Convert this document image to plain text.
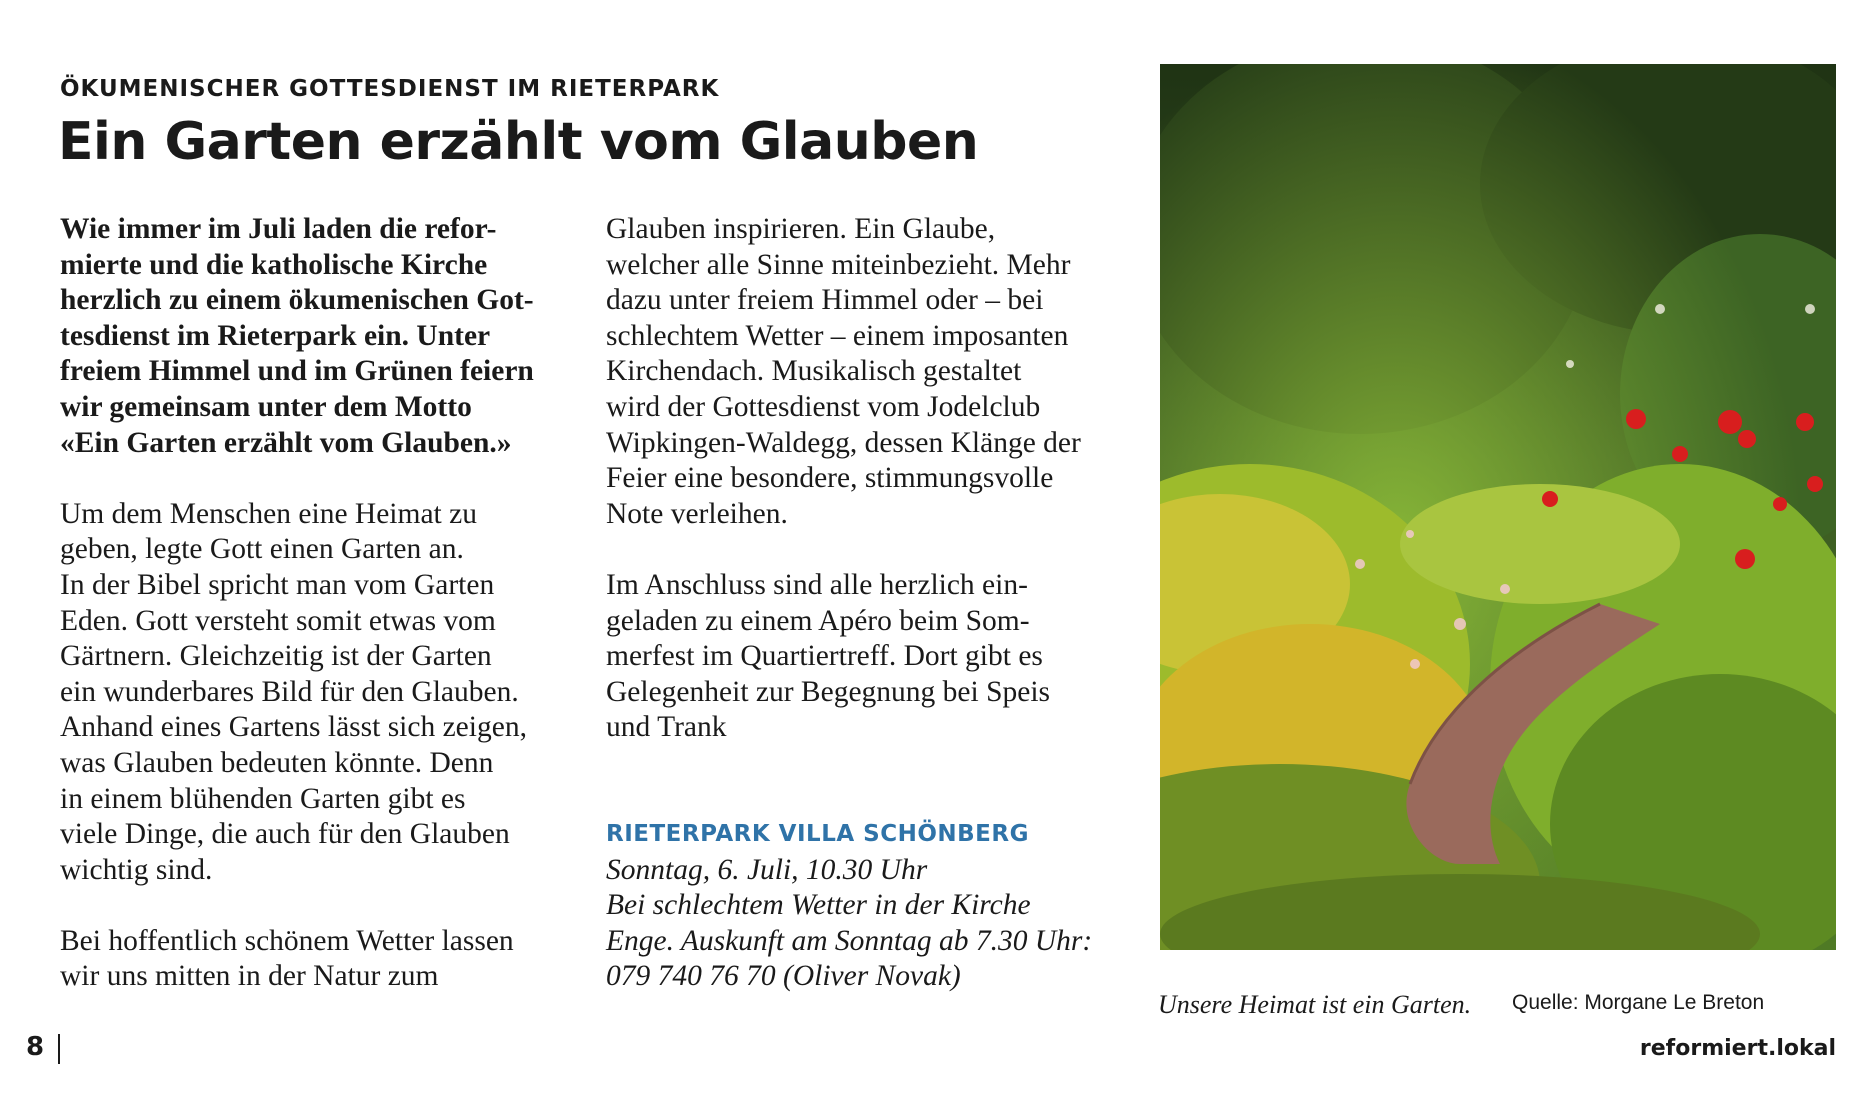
ÖKUMENISCHER GOTTESDIENST IM RIETERPARK

Ein Garten erzählt vom Glauben

Wie immer im Juli laden die refor-

mierte und die katholische Kirche

herzlich zu einem ökumenischen Got-

tesdienst im Rieterpark ein. Unter

freiem Himmel und im Grünen feiern

wir gemeinsam unter dem Motto

«Ein Garten erzählt vom Glauben.»

Um dem Menschen eine Heimat zu

geben, legte Gott einen Garten an.

In der Bibel spricht man vom Garten

Eden. Gott versteht somit etwas vom

Gärtnern. Gleichzeitig ist der Garten

ein wunderbares Bild für den Glauben.

Anhand eines Gartens lässt sich zeigen,

was Glauben bedeuten könnte. Denn

in einem blühenden Garten gibt es

viele Dinge, die auch für den Glauben

wichtig sind.

Bei hoffentlich schönem Wetter lassen

wir uns mitten in der Natur zum

Glauben inspirieren. Ein Glaube,

welcher alle Sinne miteinbezieht. Mehr

dazu unter freiem Himmel oder – bei

schlechtem Wetter – einem imposanten

Kirchendach. Musikalisch gestaltet

wird der Gottesdienst vom Jodelclub

Wipkingen-Waldegg, dessen Klänge der

Feier eine besondere, stimmungsvolle

Note verleihen.

Im Anschluss sind alle herzlich ein-

geladen zu einem Apéro beim Som-

merfest im Quartiertreff. Dort gibt es

Gelegenheit zur Begegnung bei Speis

und Trank

RIETERPARK VILLA SCHÖNBERG

Sonntag, 6. Juli, 10.30 Uhr

Bei schlechtem Wetter in der Kirche

Enge. Auskunft am Sonntag ab 7.30 Uhr:

079 740 76 70 (Oliver Novak)

Unsere Heimat ist ein Garten. Quelle: Morgane Le Breton

8	reformiert.lokal
